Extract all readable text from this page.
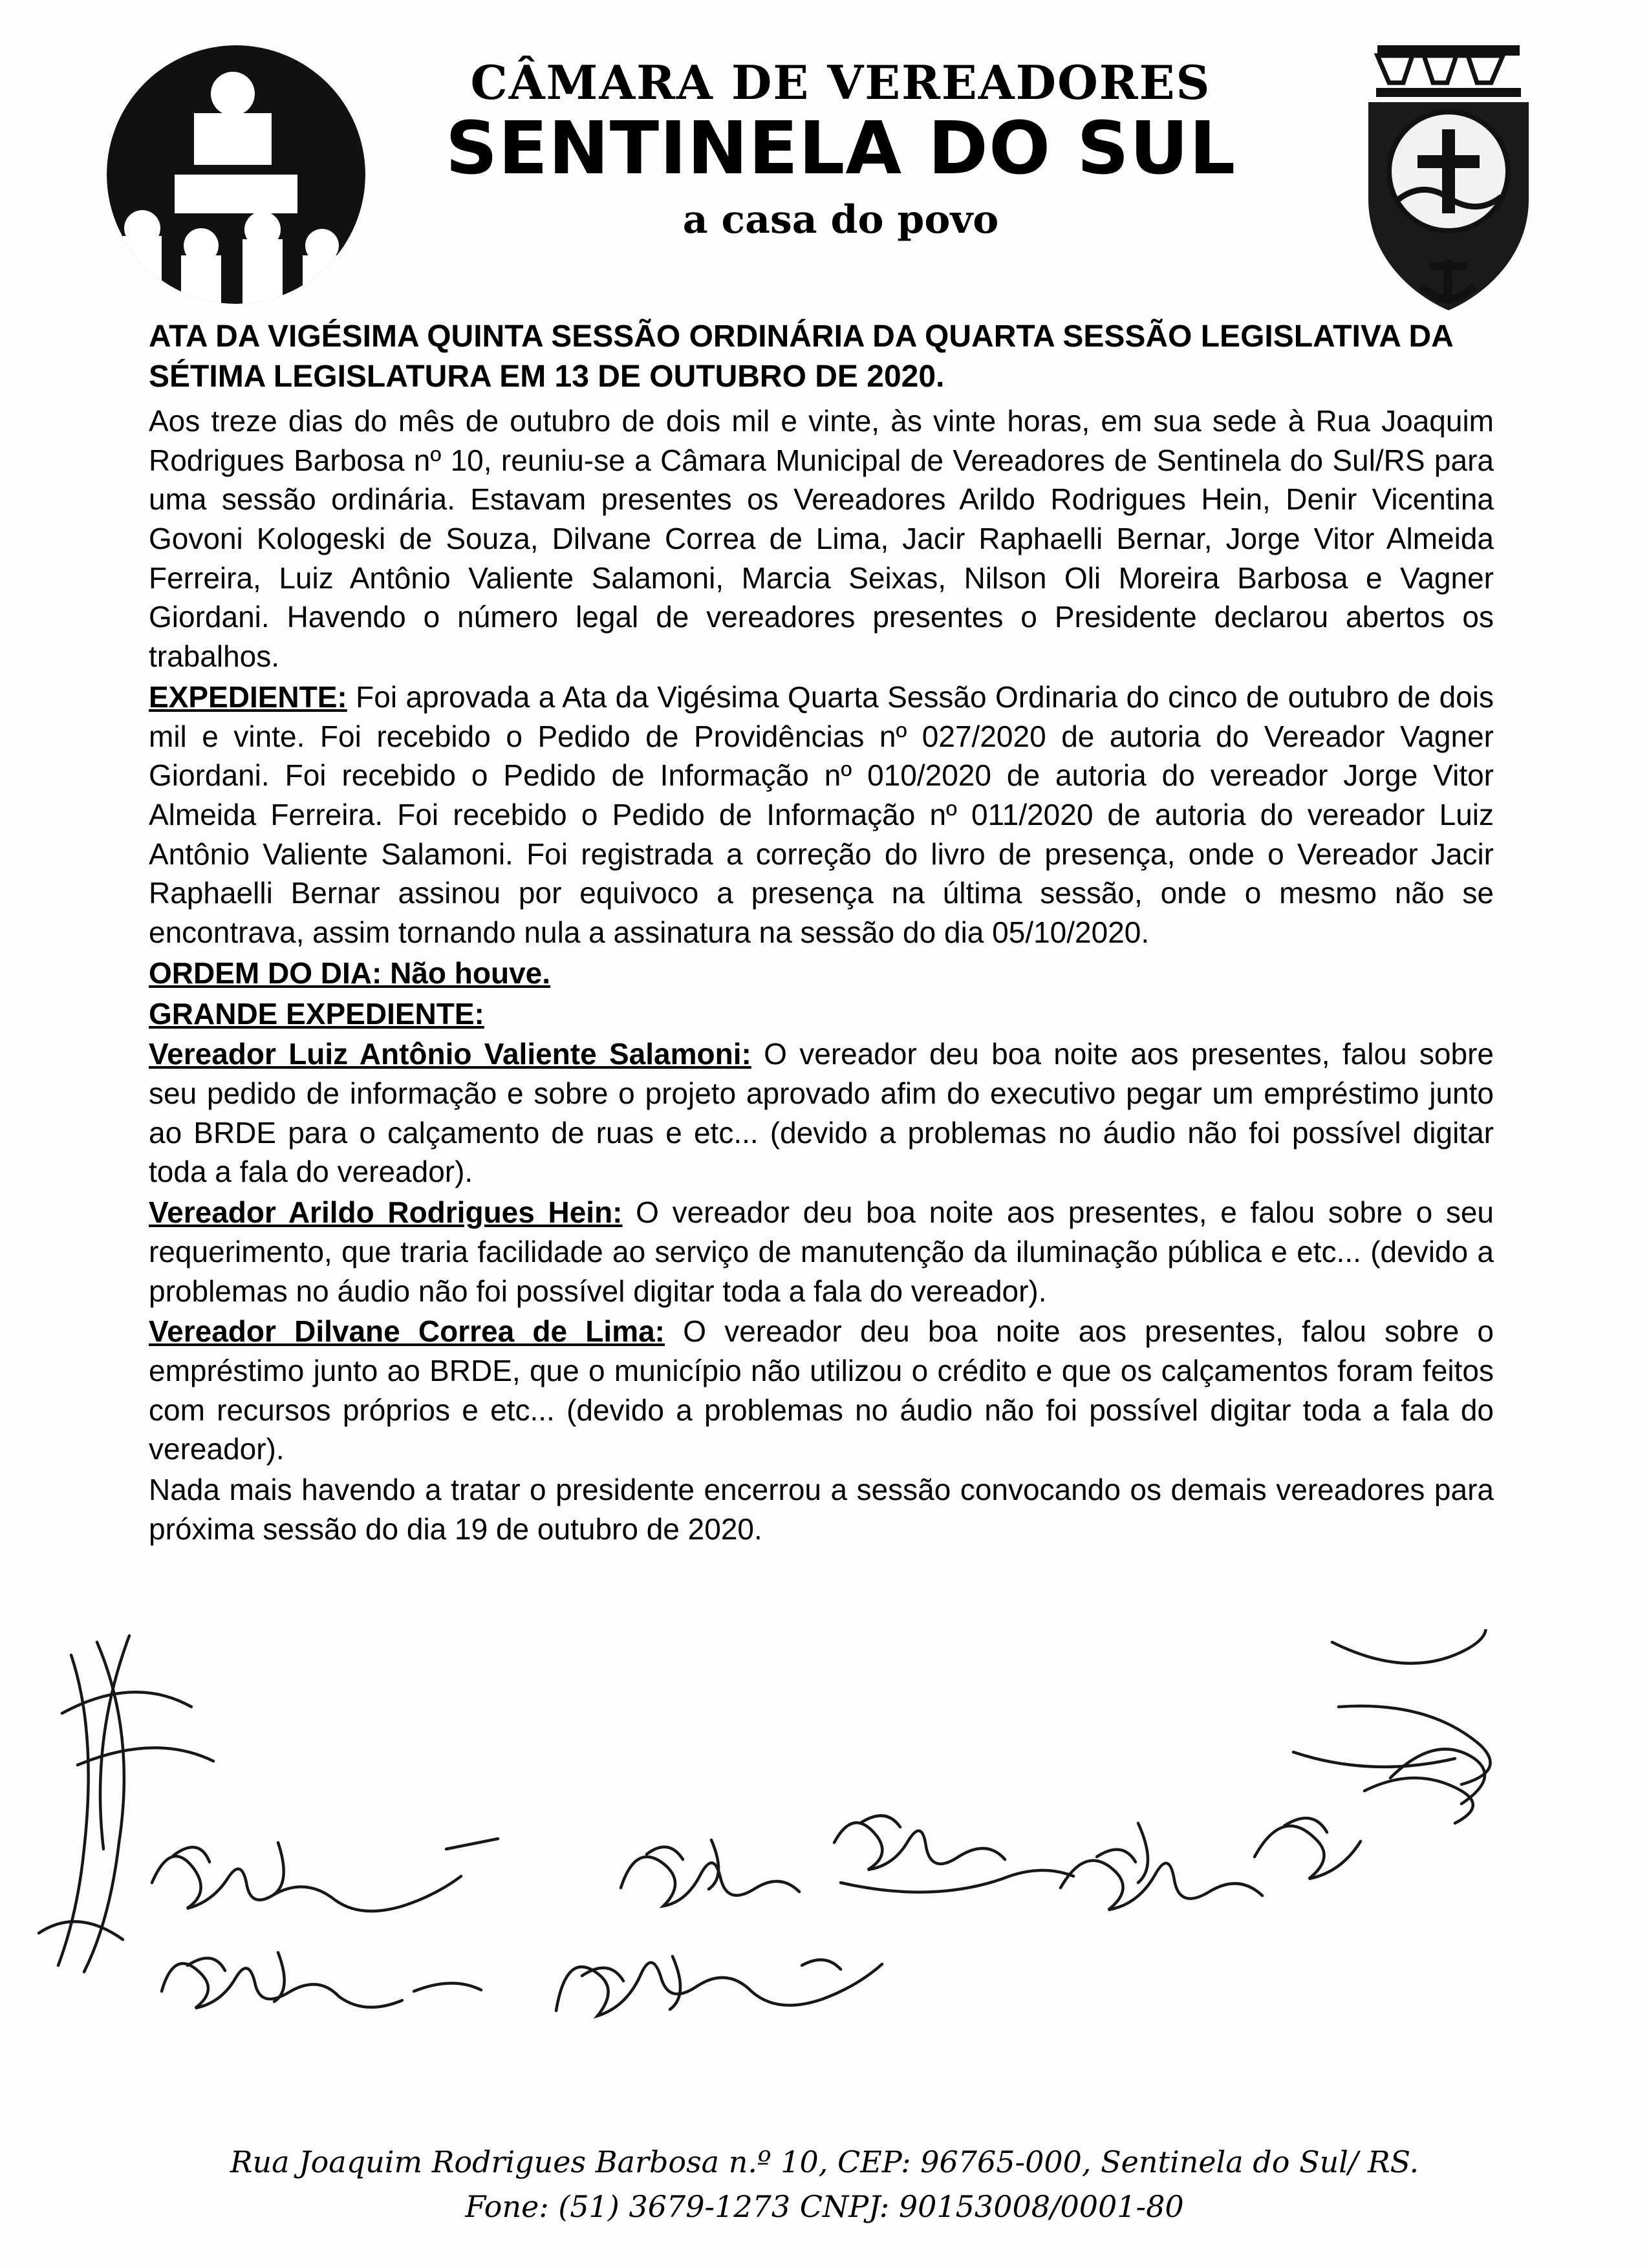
CÂMARA DE VEREADORES
SENTINELA DO SUL
a casa do povo
ATA DA VIGÉSIMA QUINTA SESSÃO ORDINÁRIA DA QUARTA SESSÃO LEGISLATIVA DA SÉTIMA LEGISLATURA EM 13 DE OUTUBRO DE 2020.

Aos treze dias do mês de outubro de dois mil e vinte, às vinte horas, em sua sede à Rua Joaquim Rodrigues Barbosa nº 10, reuniu-se a Câmara Municipal de Vereadores de Sentinela do Sul/RS para uma sessão ordinária. Estavam presentes os Vereadores Arildo Rodrigues Hein, Denir Vicentina Govoni Kologeski de Souza, Dilvane Correa de Lima, Jacir Raphaelli Bernar, Jorge Vitor Almeida Ferreira, Luiz Antônio Valiente Salamoni, Marcia Seixas, Nilson Oli Moreira Barbosa e Vagner Giordani. Havendo o número legal de vereadores presentes o Presidente declarou abertos os trabalhos.

EXPEDIENTE: Foi aprovada a Ata da Vigésima Quarta Sessão Ordinaria do cinco de outubro de dois mil e vinte. Foi recebido o Pedido de Providências nº 027/2020 de autoria do Vereador Vagner Giordani. Foi recebido o Pedido de Informação nº 010/2020 de autoria do vereador Jorge Vitor Almeida Ferreira. Foi recebido o Pedido de Informação nº 011/2020 de autoria do vereador Luiz Antônio Valiente Salamoni. Foi registrada a correção do livro de presença, onde o Vereador Jacir Raphaelli Bernar assinou por equivoco a presença na última sessão, onde o mesmo não se encontrava, assim tornando nula a assinatura na sessão do dia 05/10/2020.

ORDEM DO DIA: Não houve.

GRANDE EXPEDIENTE:

Vereador Luiz Antônio Valiente Salamoni: O vereador deu boa noite aos presentes, falou sobre seu pedido de informação e sobre o projeto aprovado afim do executivo pegar um empréstimo junto ao BRDE para o calçamento de ruas e etc... (devido a problemas no áudio não foi possível digitar toda a fala do vereador).

Vereador Arildo Rodrigues Hein: O vereador deu boa noite aos presentes, e falou sobre o seu requerimento, que traria facilidade ao serviço de manutenção da iluminação pública e etc... (devido a problemas no áudio não foi possível digitar toda a fala do vereador).

Vereador Dilvane Correa de Lima: O vereador deu boa noite aos presentes, falou sobre o empréstimo junto ao BRDE, que o município não utilizou o crédito e que os calçamentos foram feitos com recursos próprios e etc... (devido a problemas no áudio não foi possível digitar toda a fala do vereador).

Nada mais havendo a tratar o presidente encerrou a sessão convocando os demais vereadores para próxima sessão do dia 19 de outubro de 2020.

Rua Joaquim Rodrigues Barbosa n.º 10, CEP: 96765-000, Sentinela do Sul/ RS.
Fone: (51) 3679-1273 CNPJ: 90153008/0001-80
